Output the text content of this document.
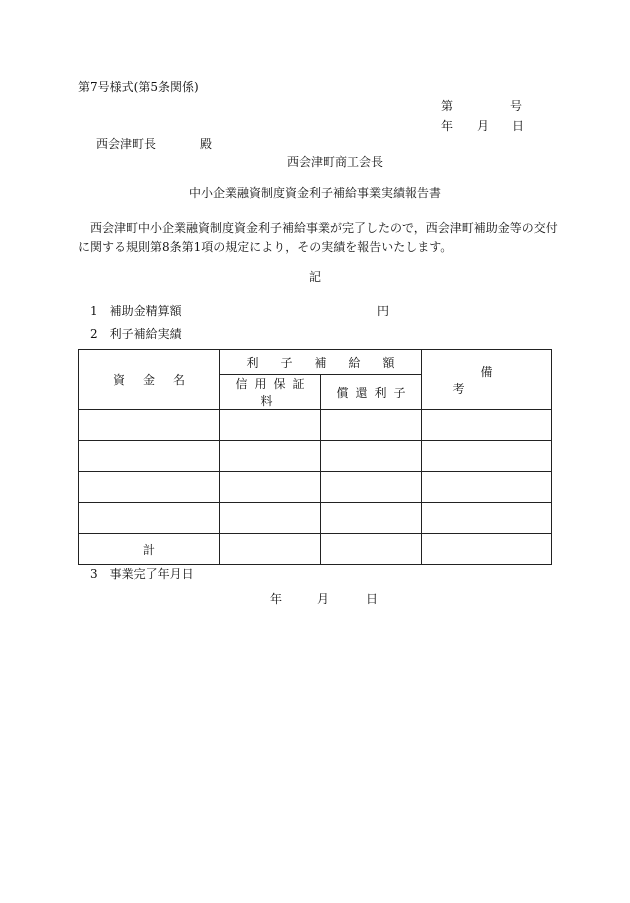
第7号様式(第5条関係)
第	号
年 月 日
西会津町長	殿
西会津町商工会長
中小企業融資制度資金利子補給事業実績報告書
西会津町中小企業融資制度資金利子補給事業が完了したので，西会津町補助金等の交付に関する規則第8条第1項の規定により，その実績を報告いたします。
記
1　補助金精算額	円
2　利子補給実績
資金名	利子補給額		備考
	信用保証料	償還利子	

計			
3　事業完了年月日
年	月	日
